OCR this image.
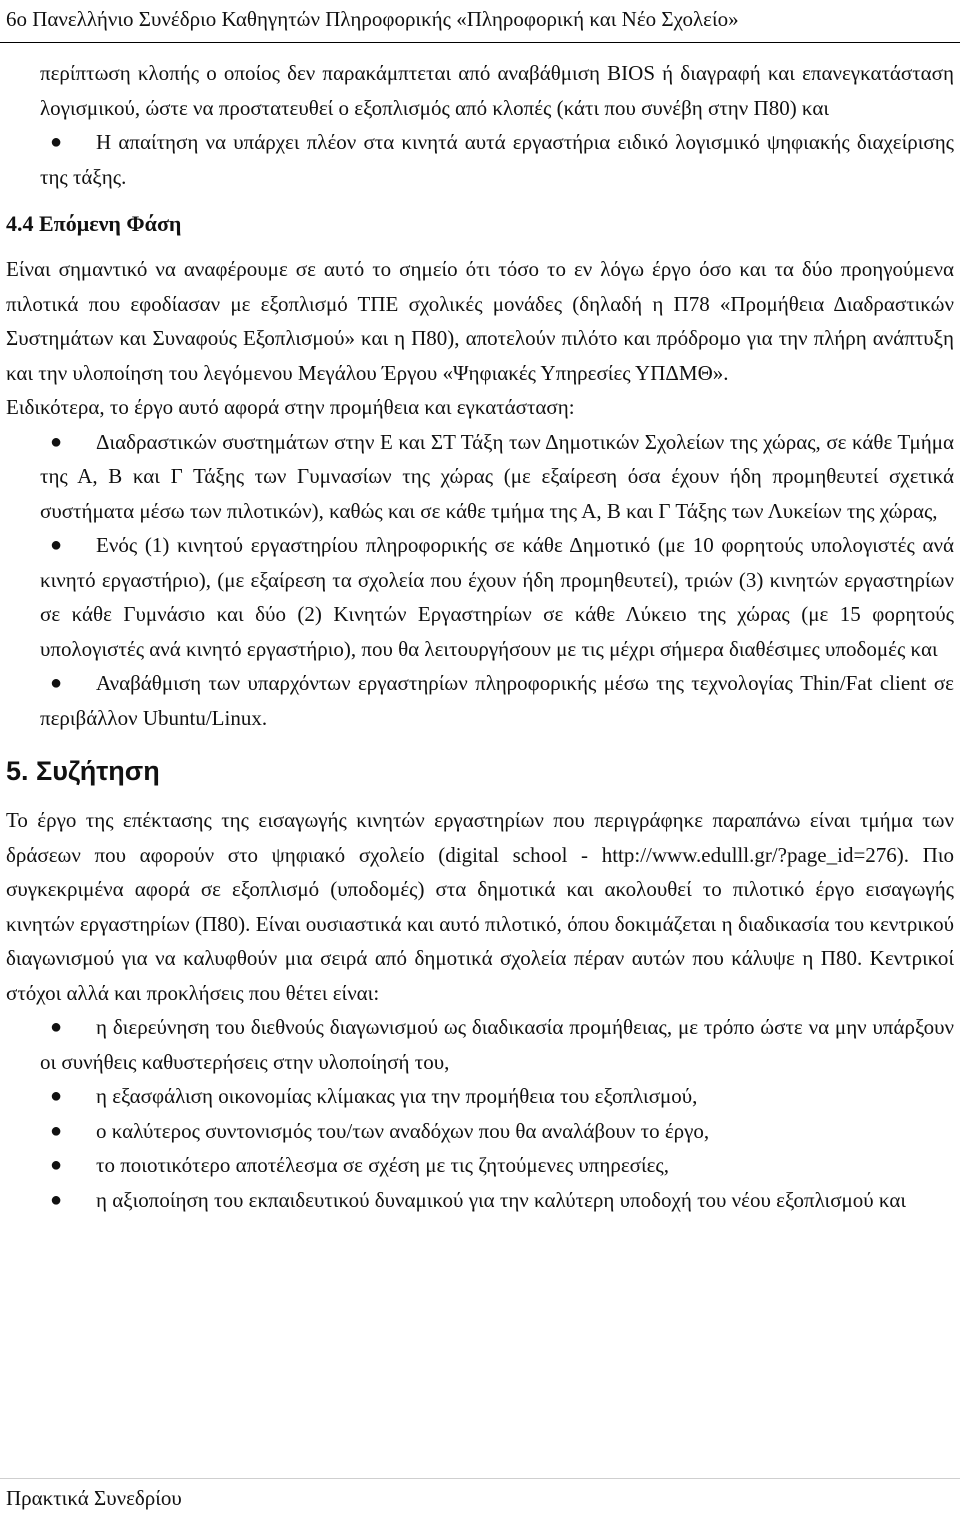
6ο Πανελλήνιο Συνέδριο Καθηγητών Πληροφορικής «Πληροφορική και Νέο Σχολείο»

περίπτωση κλοπής ο οποίος δεν παρακάμπτεται από αναβάθμιση BIOS ή διαγραφή και επανεγκατάσταση λογισμικού, ώστε να προστατευθεί ο εξοπλισμός από κλοπές (κάτι που συνέβη στην Π80) και

● Η απαίτηση να υπάρχει πλέον στα κινητά αυτά εργαστήρια ειδικό λογισμικό ψηφιακής διαχείρισης της τάξης.
4.4 Επόμενη Φάση

Είναι σημαντικό να αναφέρουμε σε αυτό το σημείο ότι τόσο το εν λόγω έργο όσο και τα δύο προηγούμενα πιλοτικά που εφοδίασαν με εξοπλισμό ΤΠΕ σχολικές μονάδες (δηλαδή η Π78 «Προμήθεια Διαδραστικών Συστημάτων και Συναφούς Εξοπλισμού» και η Π80), αποτελούν πιλότο και πρόδρομο για την πλήρη ανάπτυξη και την υλοποίηση του λεγόμενου Μεγάλου Έργου «Ψηφιακές Υπηρεσίες ΥΠΔΜΘ».

Ειδικότερα, το έργο αυτό αφορά στην προμήθεια και εγκατάσταση:

● Διαδραστικών συστημάτων στην Ε και ΣΤ Τάξη των Δημοτικών Σχολείων της χώρας, σε κάθε Τμήμα της Α, Β και Γ Τάξης των Γυμνασίων της χώρας (με εξαίρεση όσα έχουν ήδη προμηθευτεί σχετικά συστήματα μέσω των πιλοτικών), καθώς και σε κάθε τμήμα της Α, Β και Γ Τάξης των Λυκείων της χώρας,
● Ενός (1) κινητού εργαστηρίου πληροφορικής σε κάθε Δημοτικό (με 10 φορητούς υπολογιστές ανά κινητό εργαστήριο), (με εξαίρεση τα σχολεία που έχουν ήδη προμηθευτεί), τριών (3) κινητών εργαστηρίων σε κάθε Γυμνάσιο και δύο (2) Κινητών Εργαστηρίων σε κάθε Λύκειο της χώρας (με 15 φορητούς υπολογιστές ανά κινητό εργαστήριο), που θα λειτουργήσουν με τις μέχρι σήμερα διαθέσιμες υποδομές και
● Αναβάθμιση των υπαρχόντων εργαστηρίων πληροφορικής μέσω της τεχνολογίας Thin/Fat client σε περιβάλλον Ubuntu/Linux.
5. Συζήτηση

Το έργο της επέκτασης της εισαγωγής κινητών εργαστηρίων που περιγράφηκε παραπάνω είναι τμήμα των δράσεων που αφορούν στο ψηφιακό σχολείο (digital school - http://www.edulll.gr/?page_id=276). Πιο συγκεκριμένα αφορά σε εξοπλισμό (υποδομές) στα δημοτικά και ακολουθεί το πιλοτικό έργο εισαγωγής κινητών εργαστηρίων (Π80). Είναι ουσιαστικά και αυτό πιλοτικό, όπου δοκιμάζεται η διαδικασία του κεντρικού διαγωνισμού για να καλυφθούν μια σειρά από δημοτικά σχολεία πέραν αυτών που κάλυψε η Π80. Κεντρικοί στόχοι αλλά και προκλήσεις που θέτει είναι:

● η διερεύνηση του διεθνούς διαγωνισμού ως διαδικασία προμήθειας, με τρόπο ώστε να μην υπάρξουν οι συνήθεις καθυστερήσεις στην υλοποίησή του,
● η εξασφάλιση οικονομίας κλίμακας για την προμήθεια του εξοπλισμού,
● ο καλύτερος συντονισμός του/των αναδόχων που θα αναλάβουν το έργο,
● το ποιοτικότερο αποτέλεσμα σε σχέση με τις ζητούμενες υπηρεσίες,
● η αξιοποίηση του εκπαιδευτικού δυναμικού για την καλύτερη υποδοχή του νέου εξοπλισμού και
Πρακτικά Συνεδρίου
